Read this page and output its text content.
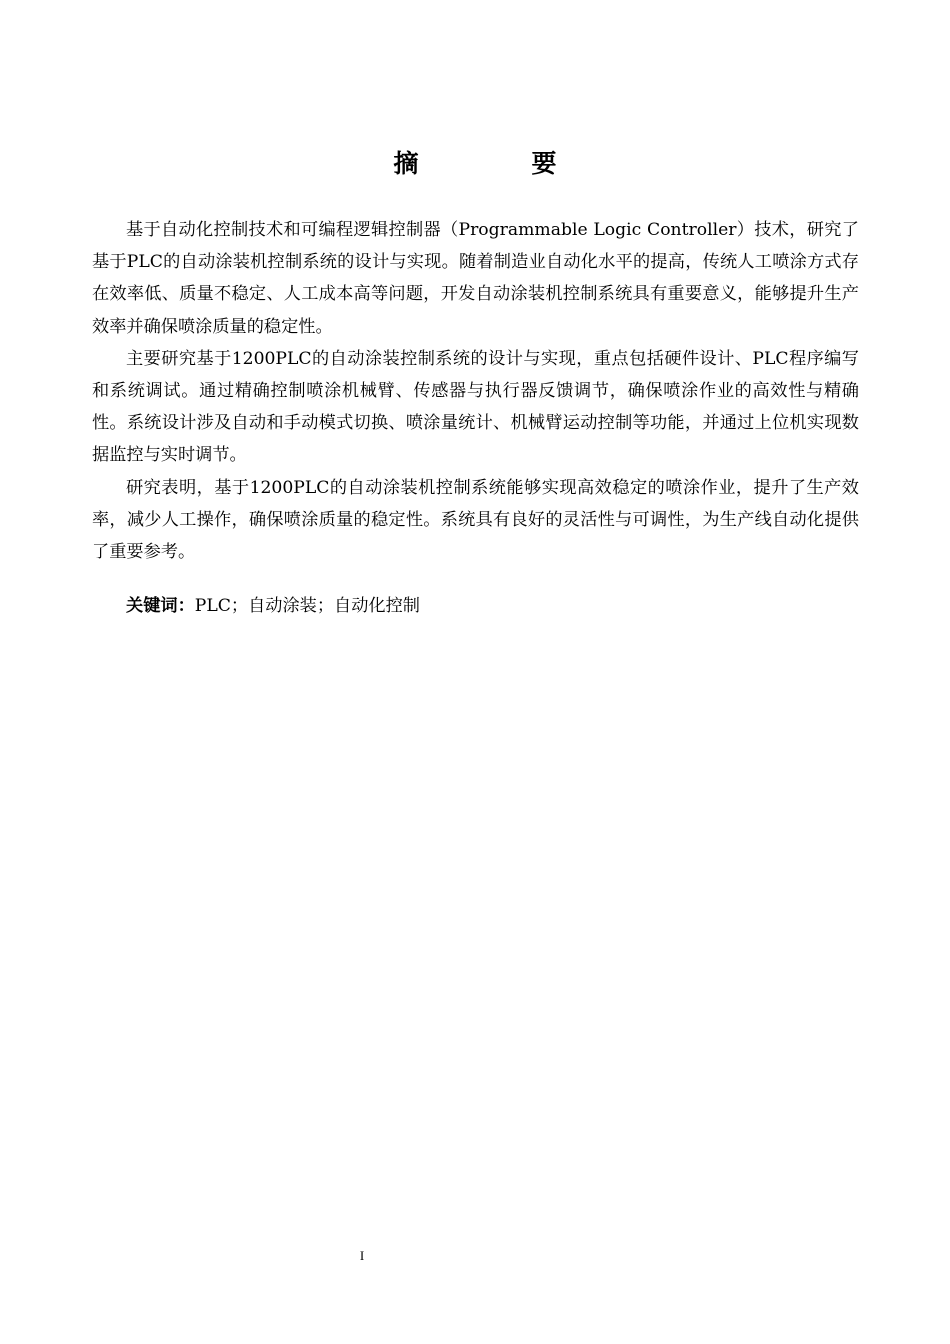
摘　要

基于自动化控制技术和可编程逻辑控制器（Programmable Logic Controller）技术，研究了基于PLC的自动涂装机控制系统的设计与实现。随着制造业自动化水平的提高，传统人工喷涂方式存在效率低、质量不稳定、人工成本高等问题，开发自动涂装机控制系统具有重要意义，能够提升生产效率并确保喷涂质量的稳定性。

主要研究基于1200PLC的自动涂装控制系统的设计与实现，重点包括硬件设计、PLC程序编写和系统调试。通过精确控制喷涂机械臂、传感器与执行器反馈调节，确保喷涂作业的高效性与精确性。系统设计涉及自动和手动模式切换、喷涂量统计、机械臂运动控制等功能，并通过上位机实现数据监控与实时调节。

研究表明，基于1200PLC的自动涂装机控制系统能够实现高效稳定的喷涂作业，提升了生产效率，减少人工操作，确保喷涂质量的稳定性。系统具有良好的灵活性与可调性，为生产线自动化提供了重要参考。

关键词：PLC；自动涂装；自动化控制
I
